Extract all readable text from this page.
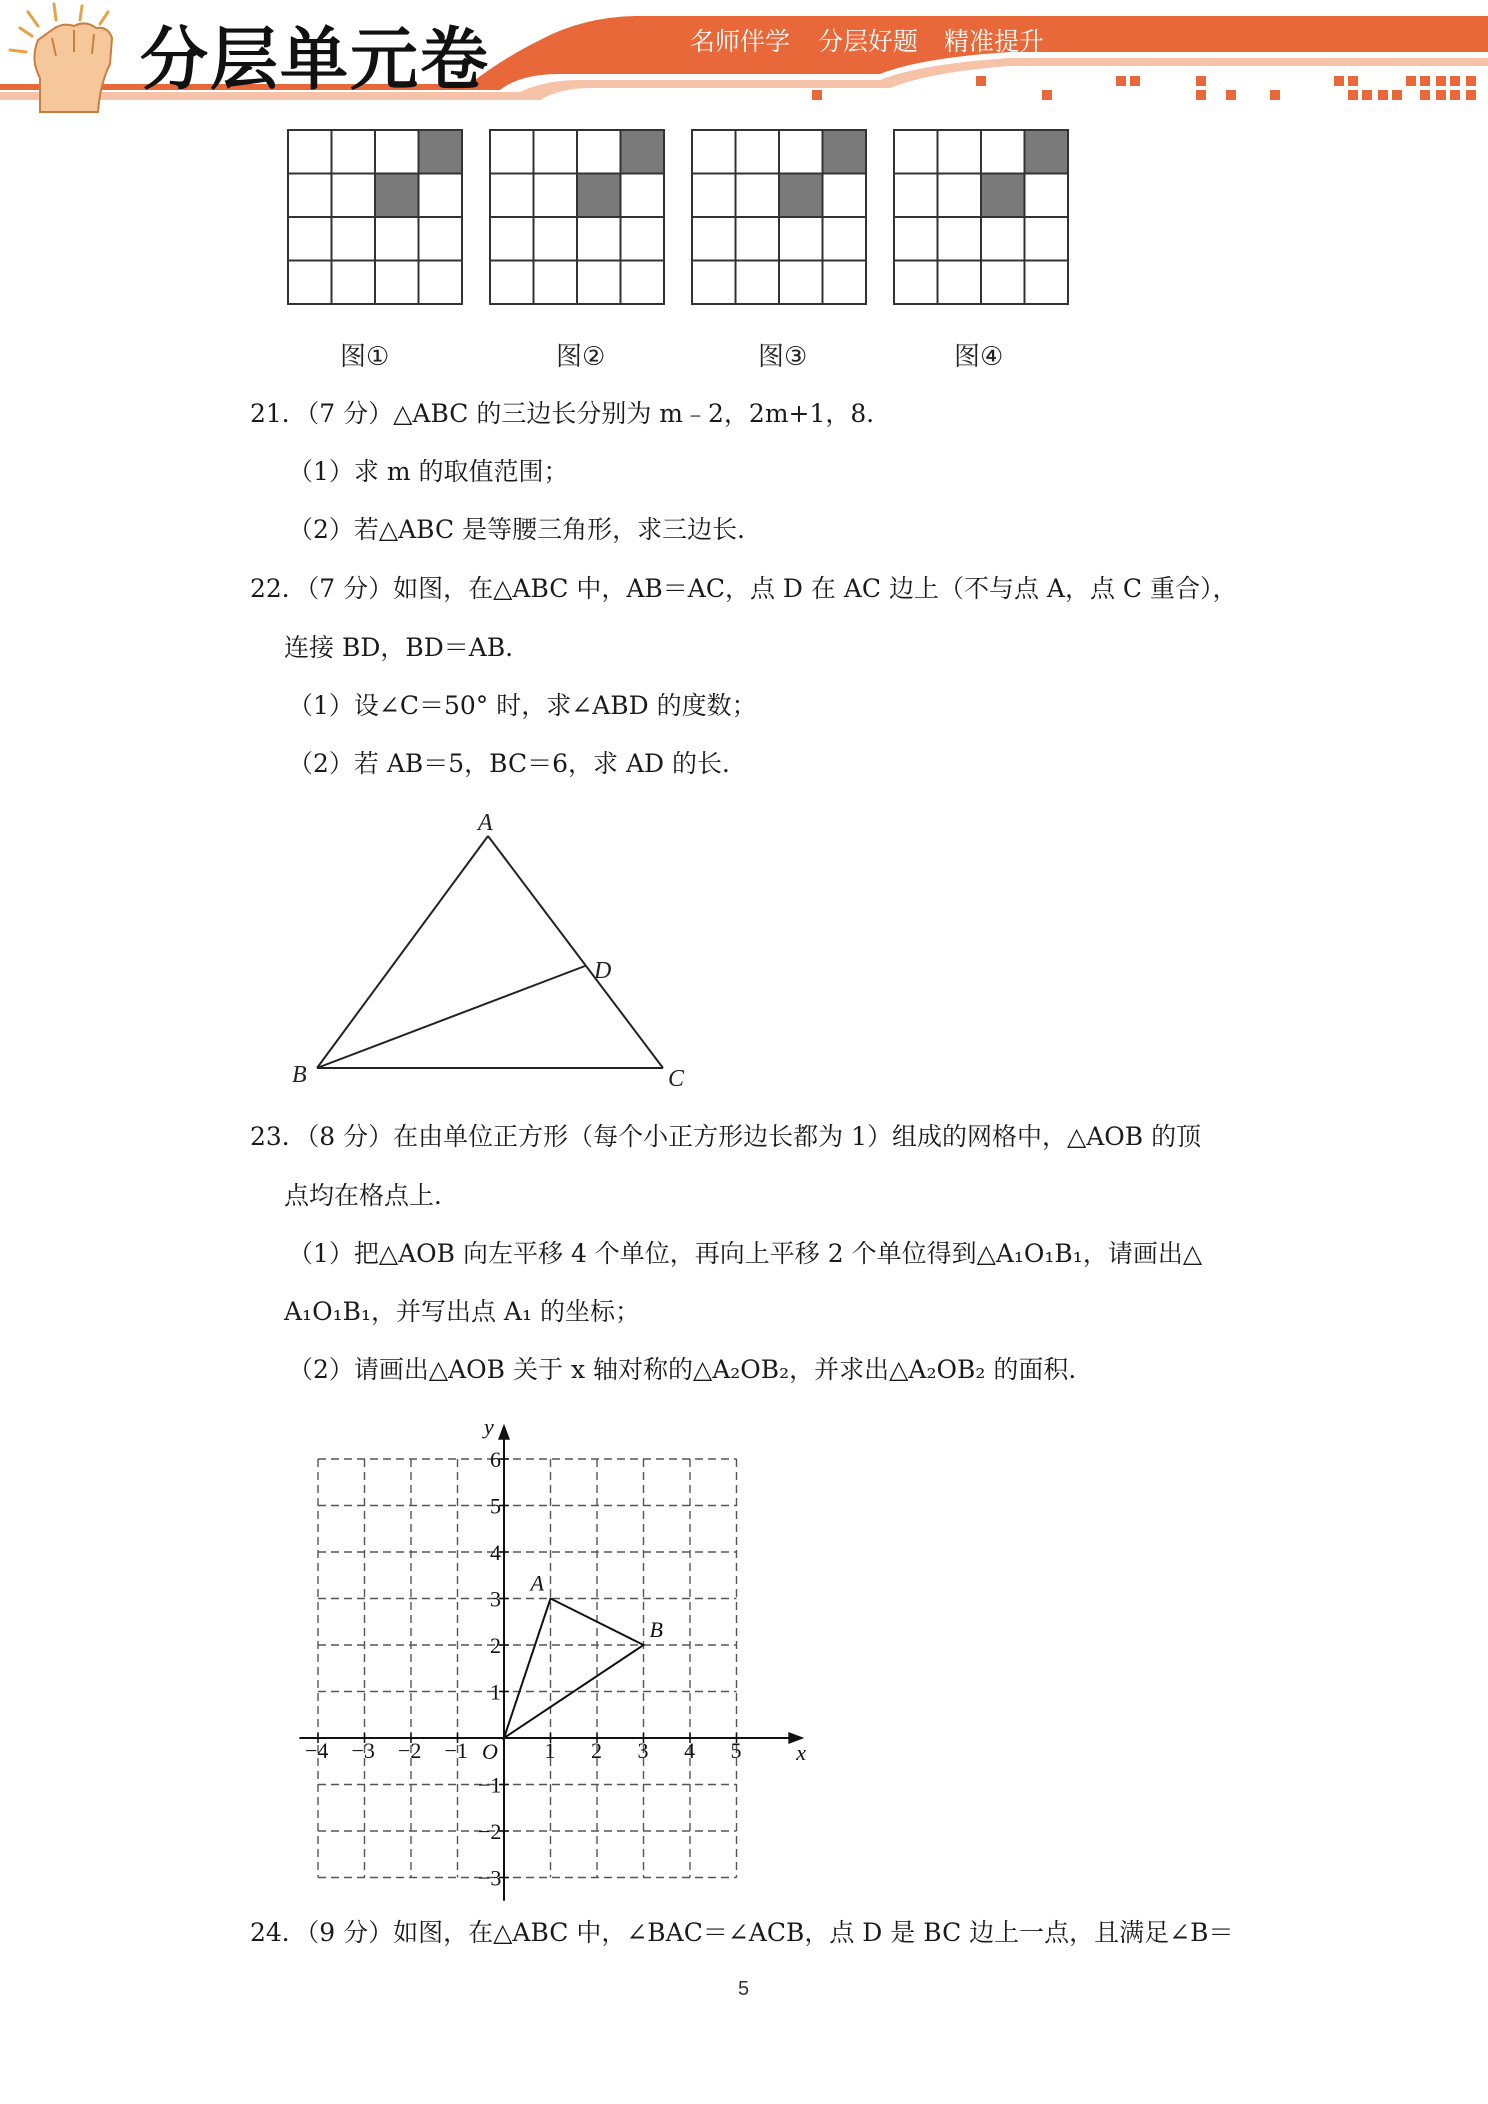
分层单元卷	名师伴学 分层好题 精准提升
图①	图②	图③	图④
21．（7 分）△ABC 的三边长分别为 m﹣2，2m+1，8．
（1）求 m 的取值范围；
（2）若△ABC 是等腰三角形，求三边长．
22．（7 分）如图，在△ABC 中，AB＝AC，点 D 在 AC 边上（不与点 A，点 C 重合），
连接 BD，BD＝AB．
（1）设∠C＝50° 时，求∠ABD 的度数；
（2）若 AB＝5，BC＝6，求 AD 的长．
A
B	C
D
23．（8 分）在由单位正方形（每个小正方形边长都为 1）组成的网格中，△AOB 的顶
点均在格点上．
（1）把△AOB 向左平移 4 个单位，再向上平移 2 个单位得到△A₁O₁B₁，请画出△
A₁O₁B₁，并写出点 A₁ 的坐标；
（2）请画出△AOB 关于 x 轴对称的△A₂OB₂，并求出△A₂OB₂ 的面积．
−4 −3 −2 −1	1 2 3 4 5
−3
−2
−1
1
2
3
4
5
6
x
y
O
A
B
24．（9 分）如图，在△ABC 中，∠BAC＝∠ACB，点 D 是 BC 边上一点，且满足∠B＝
5
